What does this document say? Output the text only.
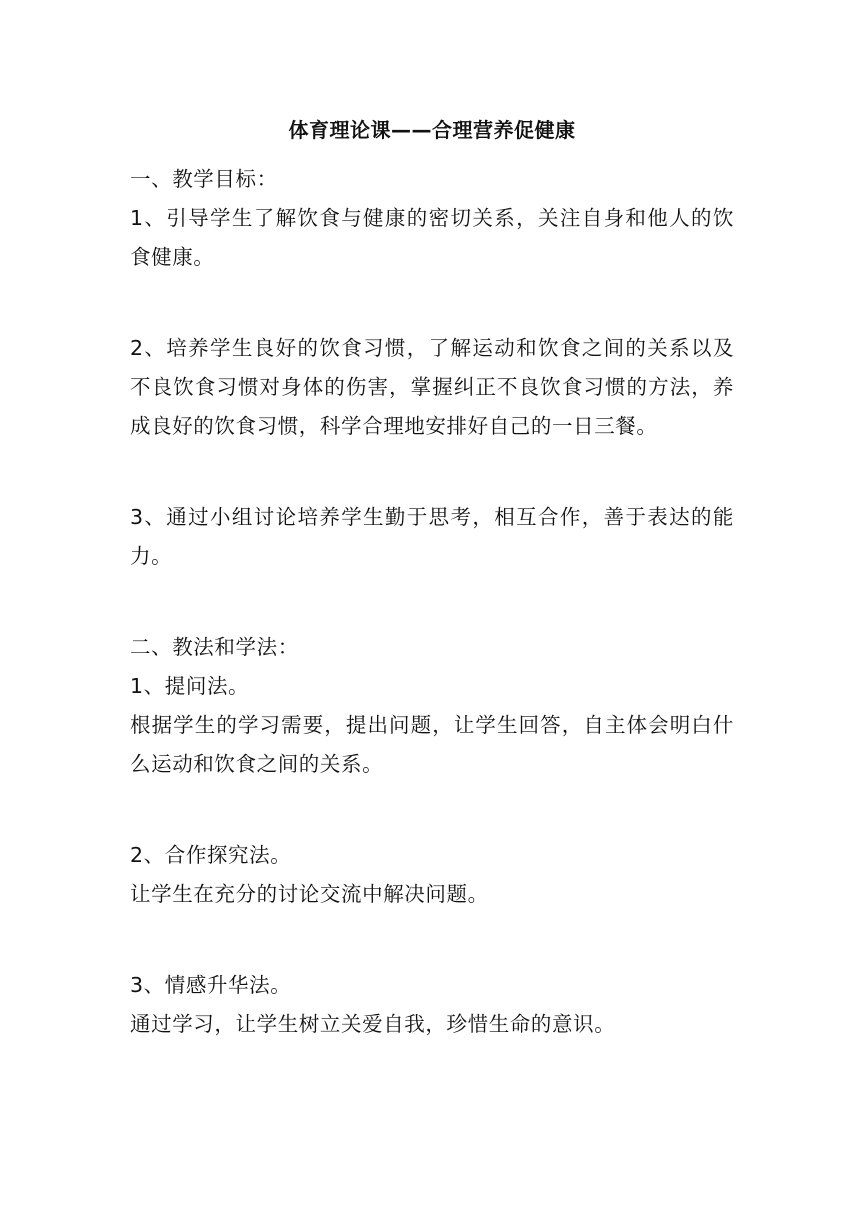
体育理论课——合理营养促健康

一、教学目标：

1、引导学生了解饮食与健康的密切关系，关注自身和他人的饮食健康。

2、培养学生良好的饮食习惯，了解运动和饮食之间的关系以及不良饮食习惯对身体的伤害，掌握纠正不良饮食习惯的方法，养成良好的饮食习惯，科学合理地安排好自己的一日三餐。

3、通过小组讨论培养学生勤于思考，相互合作，善于表达的能力。

二、教法和学法：

1、提问法。

根据学生的学习需要，提出问题，让学生回答，自主体会明白什么运动和饮食之间的关系。

2、合作探究法。

让学生在充分的讨论交流中解决问题。

3、情感升华法。

通过学习，让学生树立关爱自我，珍惜生命的意识。
